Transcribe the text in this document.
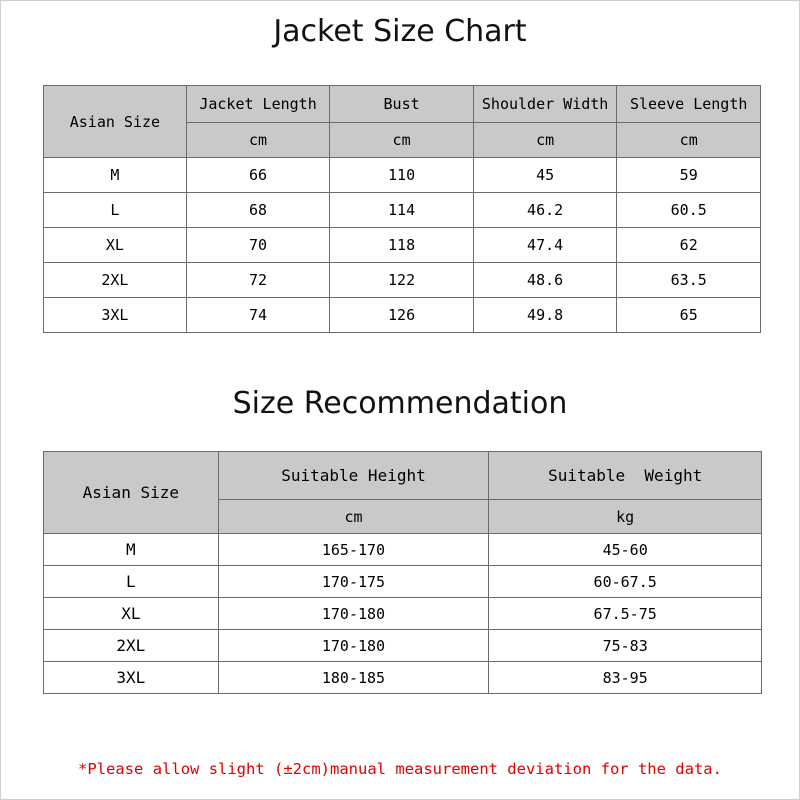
Jacket Size Chart
Asian Size	Jacket Length	Bust	Shoulder Width	Sleeve Length
	cm	cm	cm	cm
M	66	110	45	59
L	68	114	46.2	60.5
XL	70	118	47.4	62
2XL	72	122	48.6	63.5
3XL	74	126	49.8	65
Size Recommendation
Asian Size	Suitable Height	Suitable  Weight
	cm	kg
M	165-170	45-60
L	170-175	60-67.5
XL	170-180	67.5-75
2XL	170-180	75-83
3XL	180-185	83-95
*Please allow slight (±2cm)manual measurement deviation for the data.
